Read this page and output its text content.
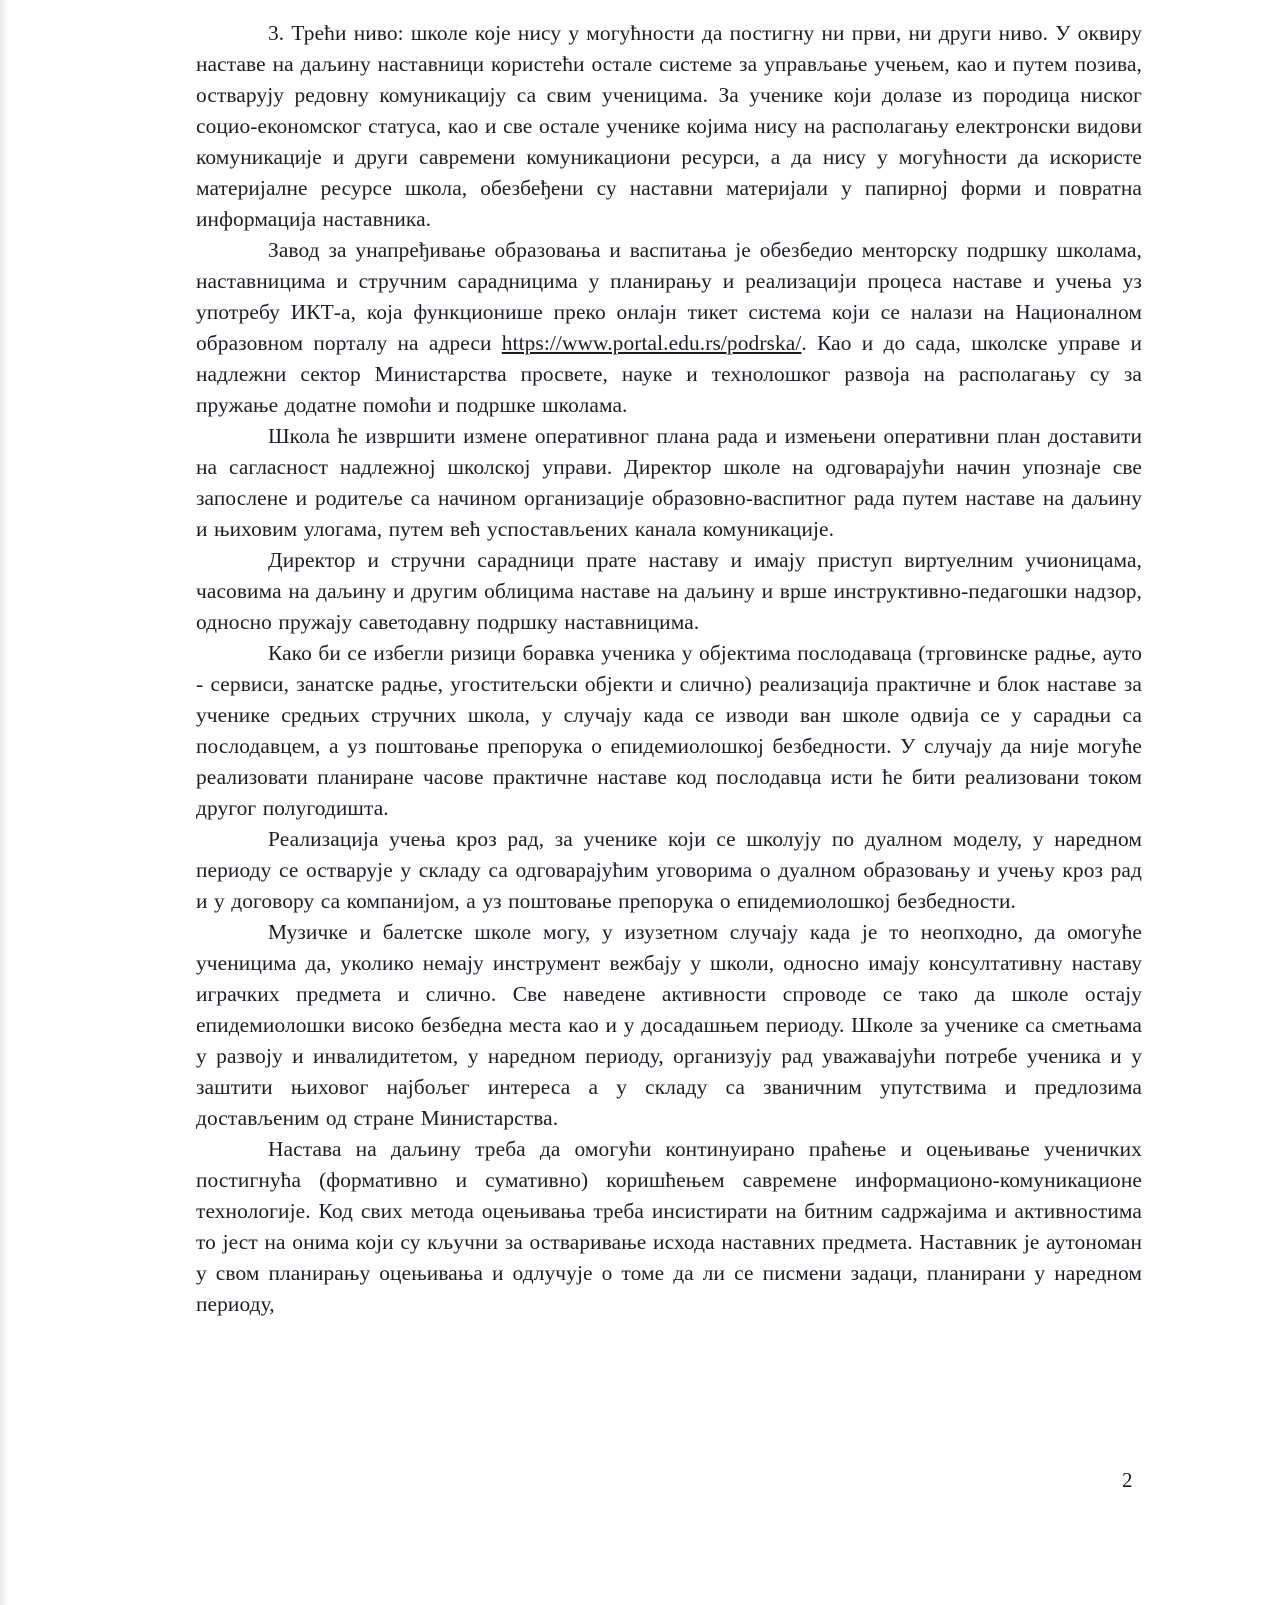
3. Трећи ниво: школе које нису у могућности да постигну ни први, ни други ниво. У оквиру наставе на даљину наставници користећи остале системе за управљање учењем, као и путем позива, остварују редовну комуникацију са свим ученицима. За ученике који долазе из породица ниског социо-економског статуса, као и све остале ученике којима нису на располагању електронски видови комуникације и други савремени комуникациони ресурси, а да нису у могућности да искористе материјалне ресурсе школа, обезбеђени су наставни материјали у папирној форми и повратна информација наставника.

Завод за унапређивање образовања и васпитања је обезбедио менторску подршку школама, наставницима и стручним сарадницима у планирању и реализацији процеса наставе и учења уз употребу ИКТ-а, која функционише преко онлајн тикет система који се налази на Националном образовном порталу на адреси https://www.portal.edu.rs/podrska/. Као и до сада, школске управе и надлежни сектор Министарства просвете, науке и технолошког развоја на располагању су за пружање додатне помоћи и подршке школама.

Школа ће извршити измене оперативног плана рада и измењени оперативни план доставити на сагласност надлежној школској управи. Директор школе на одговарајући начин упознаје све запослене и родитеље са начином организације образовно-васпитног рада путем наставе на даљину и њиховим улогама, путем већ успостављених канала комуникације.

Директор и стручни сарадници прате наставу и имају приступ виртуелним учионицама, часовима на даљину и другим облицима наставе на даљину и врше инструктивно-педагошки надзор, односно пружају саветодавну подршку наставницима.

Како би се избегли ризици боравка ученика у објектима послодаваца (трговинске радње, ауто - сервиси, занатске радње, угоститељски објекти и слично) реализација практичне и блок наставе за ученике средњих стручних школа, у случају када се изводи ван школе одвија се у сарадњи са послодавцем, а уз поштовање препорука о епидемиолошкој безбедности. У случају да није могуће реализовати планиране часове практичне наставе код послодавца исти ће бити реализовани током другог полугодишта.

Реализација учења кроз рад, за ученике који се школују по дуалном моделу, у наредном периоду се остварује у складу са одговарајућим уговорима о дуалном образовању и учењу кроз рад и у договору са компанијом, а уз поштовање препорука о епидемиолошкој безбедности.

Музичке и балетске школе могу, у изузетном случају када је то неопходно, да омогуће ученицима да, уколико немају инструмент вежбају у школи, односно имају консултативну наставу играчких предмета и слично. Све наведене активности спроводе се тако да школе остају епидемиолошки високо безбедна места као и у досадашњем периоду. Школе за ученике са сметњама у развоју и инвалидитетом, у наредном периоду, организују рад уважавајући потребе ученика и у заштити њиховог најбољег интереса а у складу са званичним упутствима и предлозима достављеним од стране Министарства.

Настава на даљину треба да омогући континуирано праћење и оцењивање ученичких постигнућа (формативно и сумативно) коришћењем савремене информационо-комуникационе технологије. Код свих метода оцењивања треба инсистирати на битним садржајима и активностима то јест на онима који су кључни за остваривање исхода наставних предмета. Наставник је аутономан у свом планирању оцењивања и одлучује о томе да ли се писмени задаци, планирани у наредном периоду,

2
